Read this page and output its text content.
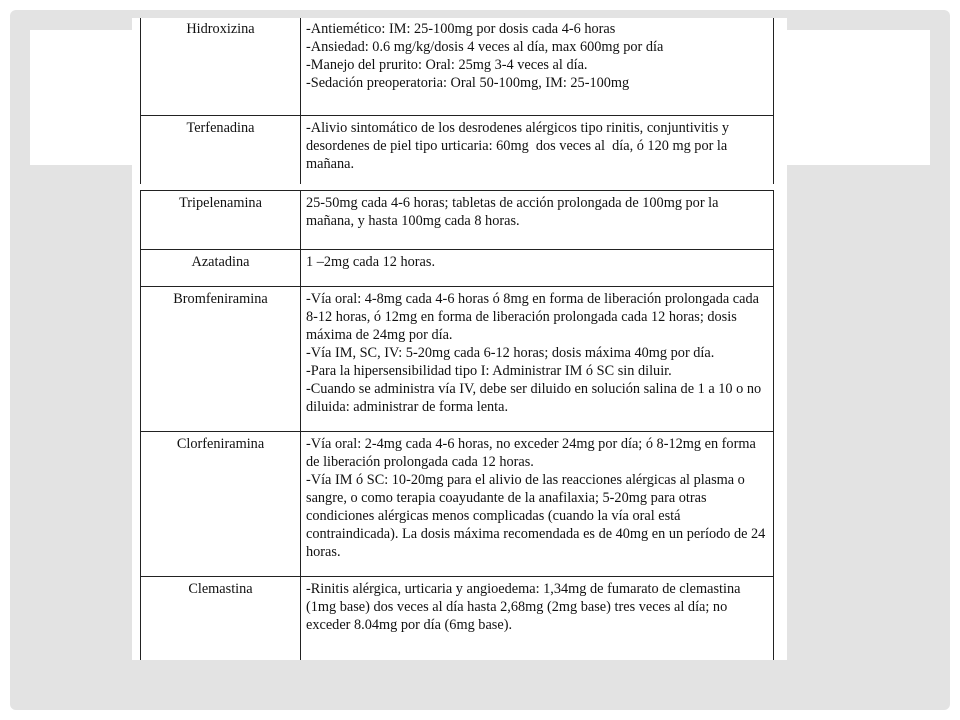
Hidroxizina	-Antiemético: IM: 25-100mg por dosis cada 4-6 horas
-Ansiedad: 0.6 mg/kg/dosis 4 veces al día, max 600mg por día
-Manejo del prurito: Oral: 25mg 3-4 veces al día.
-Sedación preoperatoria: Oral 50-100mg, IM: 25-100mg

Terfenadina	-Alivio sintomático de los desrodenes alérgicos tipo rinitis, conjuntivitis y desordenes de piel tipo urticaria: 60mg  dos veces al  día, ó 120 mg por la mañana.
Tripelenamina	25-50mg cada 4-6 horas; tabletas de acción prolongada de 100mg por la mañana, y hasta 100mg cada 8 horas.

Azatadina	1 –2mg cada 12 horas.

Bromfeniramina	-Vía oral: 4-8mg cada 4-6 horas ó 8mg en forma de liberación prolongada cada 8-12 horas, ó 12mg en forma de liberación prolongada cada 12 horas; dosis máxima de 24mg por día.
-Vía IM, SC, IV: 5-20mg cada 6-12 horas; dosis máxima 40mg por día.
-Para la hipersensibilidad tipo I: Administrar IM ó SC sin diluir.
-Cuando se administra vía IV, debe ser diluido en solución salina de 1 a 10 o no diluida: administrar de forma lenta.

Clorfeniramina	-Vía oral: 2-4mg cada 4-6 horas, no exceder 24mg por día; ó 8-12mg en forma de liberación prolongada cada 12 horas.
-Vía IM ó SC: 10-20mg para el alivio de las reacciones alérgicas al plasma o sangre, o como terapia coayudante de la anafilaxia; 5-20mg para otras condiciones alérgicas menos complicadas (cuando la vía oral está contraindicada). La dosis máxima recomendada es de 40mg en un período de 24 horas.

Clemastina	-Rinitis alérgica, urticaria y angioedema: 1,34mg de fumarato de clemastina (1mg base) dos veces al día hasta 2,68mg (2mg base) tres veces al día; no exceder 8.04mg por día (6mg base).
